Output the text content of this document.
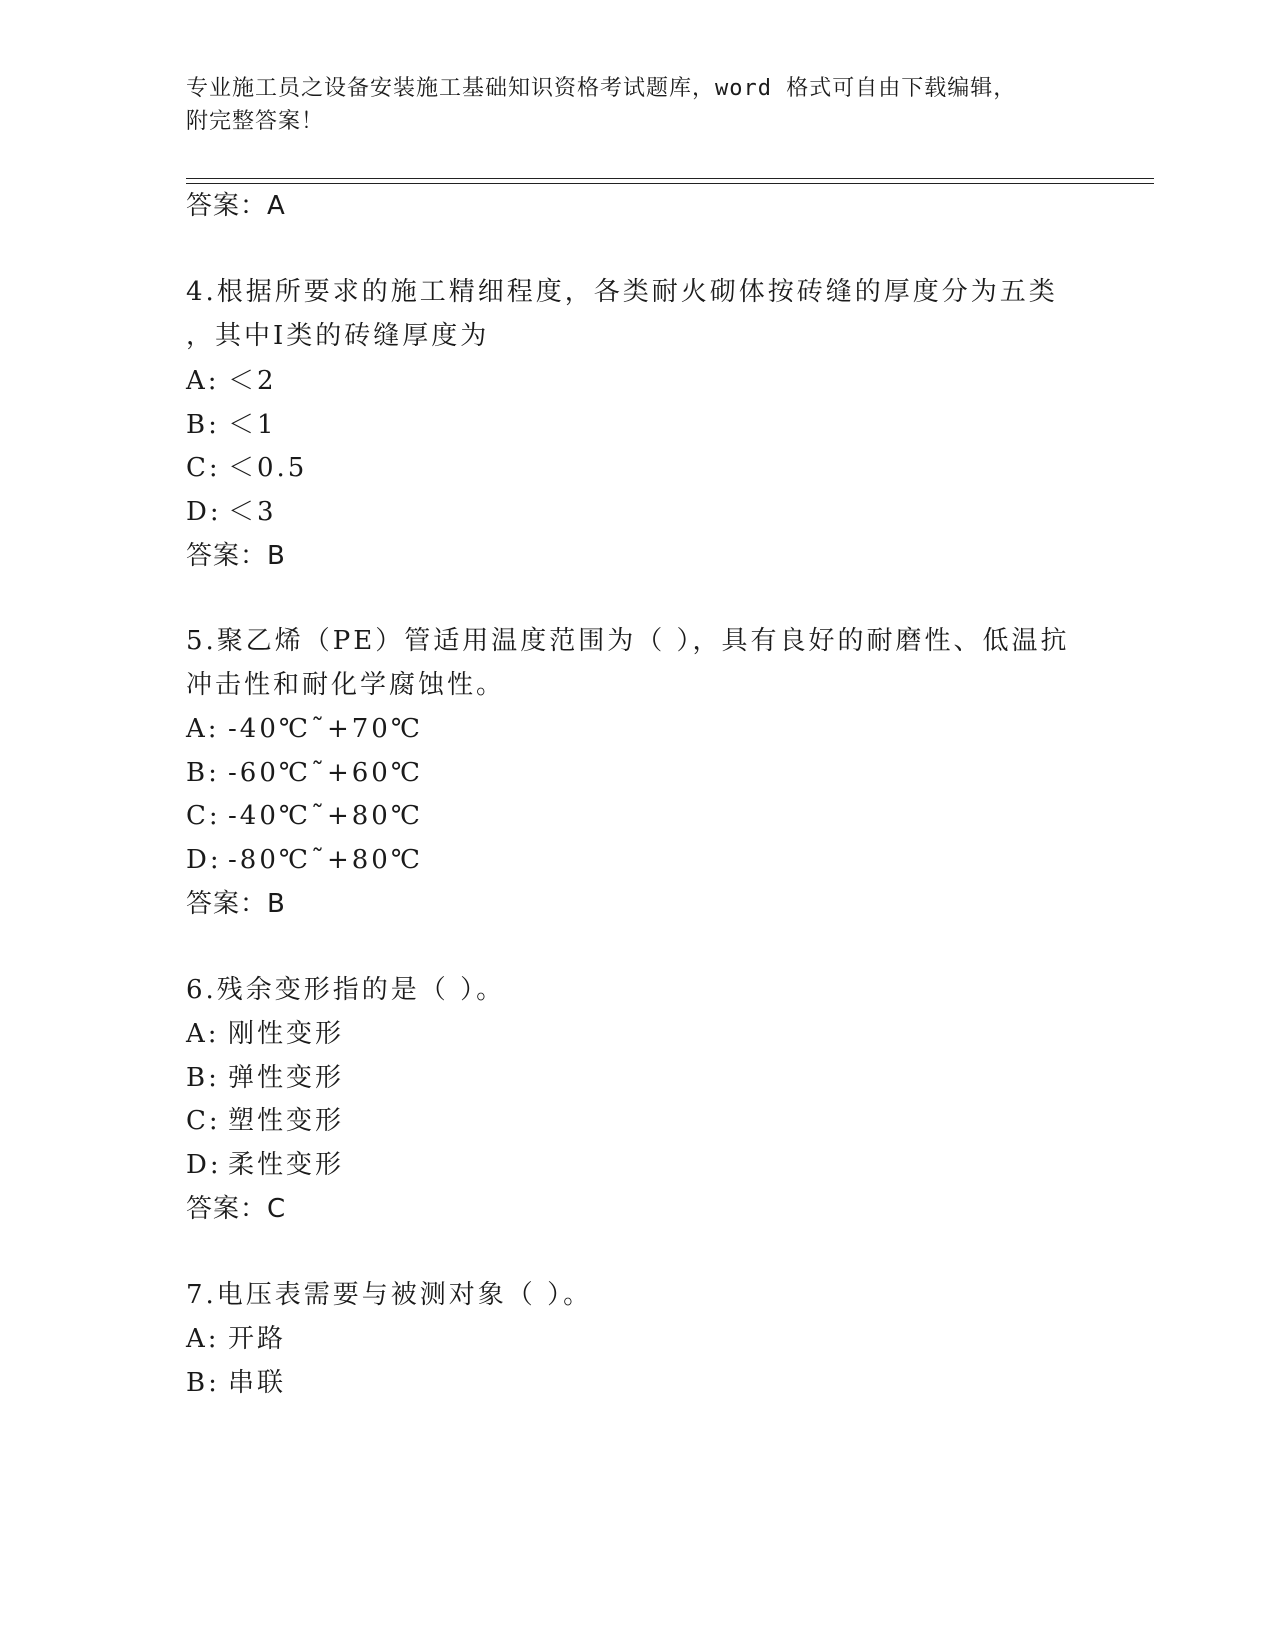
专业施工员之设备安装施工基础知识资格考试题库，word 格式可自由下载编辑，
附完整答案！

答案：A

4.根据所要求的施工精细程度，各类耐火砌体按砖缝的厚度分为五类

，其中Ⅰ类的砖缝厚度为

A: ＜2

B: ＜1

C: ＜0.5

D: ＜3

答案：B

5.聚乙烯（PE）管适用温度范围为（ ），具有良好的耐磨性、低温抗

冲击性和耐化学腐蚀性。

A: -40℃˜+70℃

B: -60℃˜+60℃

C: -40℃˜+80℃

D: -80℃˜+80℃

答案：B

6.残余变形指的是（ ）。

A: 刚性变形

B: 弹性变形

C: 塑性变形

D: 柔性变形

答案：C

7.电压表需要与被测对象（ ）。

A: 开路

B: 串联
